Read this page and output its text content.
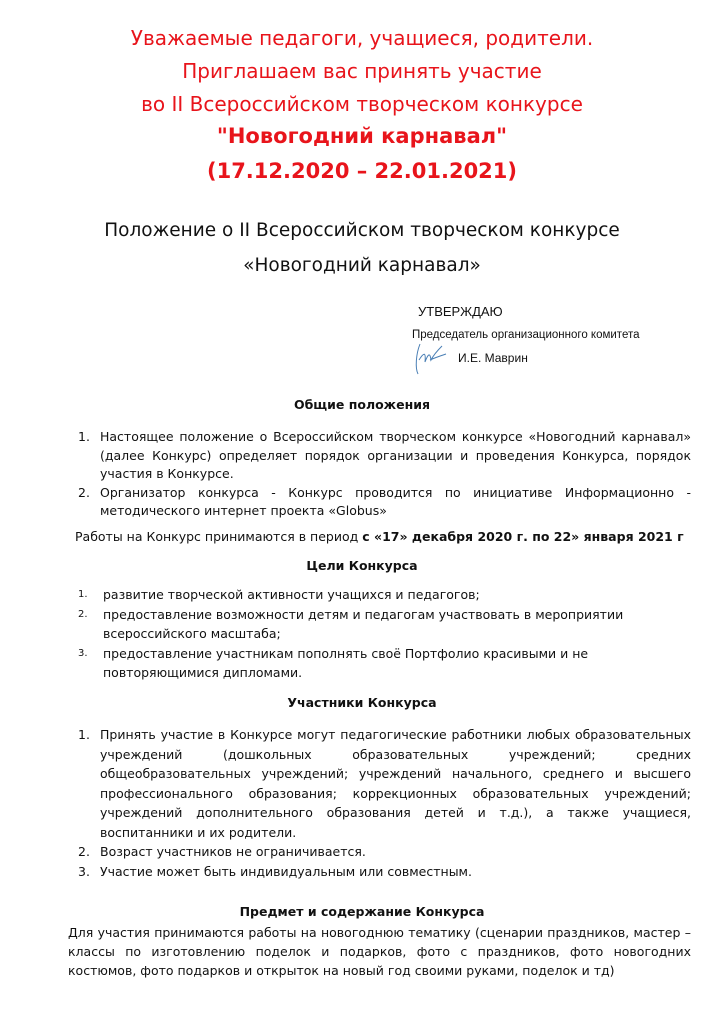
Уважаемые педагоги, учащиеся, родители.
Приглашаем вас принять участие
во II Всероссийском творческом конкурсе
"Новогодний карнавал"
(17.12.2020 – 22.01.2021)
Положение о II Всероссийском творческом конкурсе
«Новогодний карнавал»
УТВЕРЖДАЮ
Председатель организационного комитета
И.Е. Маврин
Общие положения
1. Настоящее положение о Всероссийском творческом конкурсе «Новогодний карнавал» (далее Конкурс) определяет порядок организации и проведения Конкурса, порядок участия в Конкурсе.

2. Организатор конкурса - Конкурс проводится по инициативе Информационно - методического интернет проекта «Globus»

Работы на Конкурс принимаются в период с «17» декабря 2020 г. по 22» января 2021 г
Цели Конкурса
1. развитие творческой активности учащихся и педагогов;

2. предоставление возможности детям и педагогам участвовать в мероприятии всероссийского масштаба;

3. предоставление участникам пополнять своё Портфолио красивыми и не повторяющимися дипломами.

Участники Конкурса
1. Принять участие в Конкурсе могут педагогические работники любых образовательных учреждений (дошкольных образовательных учреждений; средних общеобразовательных учреждений; учреждений начального, среднего и высшего профессионального образования; коррекционных образовательных учреждений; учреждений дополнительного образования детей и т.д.), а также учащиеся, воспитанники и их родители.

2. Возраст участников не ограничивается.

3. Участие может быть индивидуальным или совместным.

Предмет и содержание Конкурса
Для участия принимаются работы на новогоднюю тематику (сценарии праздников, мастер – классы по изготовлению поделок и подарков, фото с праздников, фото новогодних костюмов, фото подарков и открыток на новый год своими руками, поделок и тд)
